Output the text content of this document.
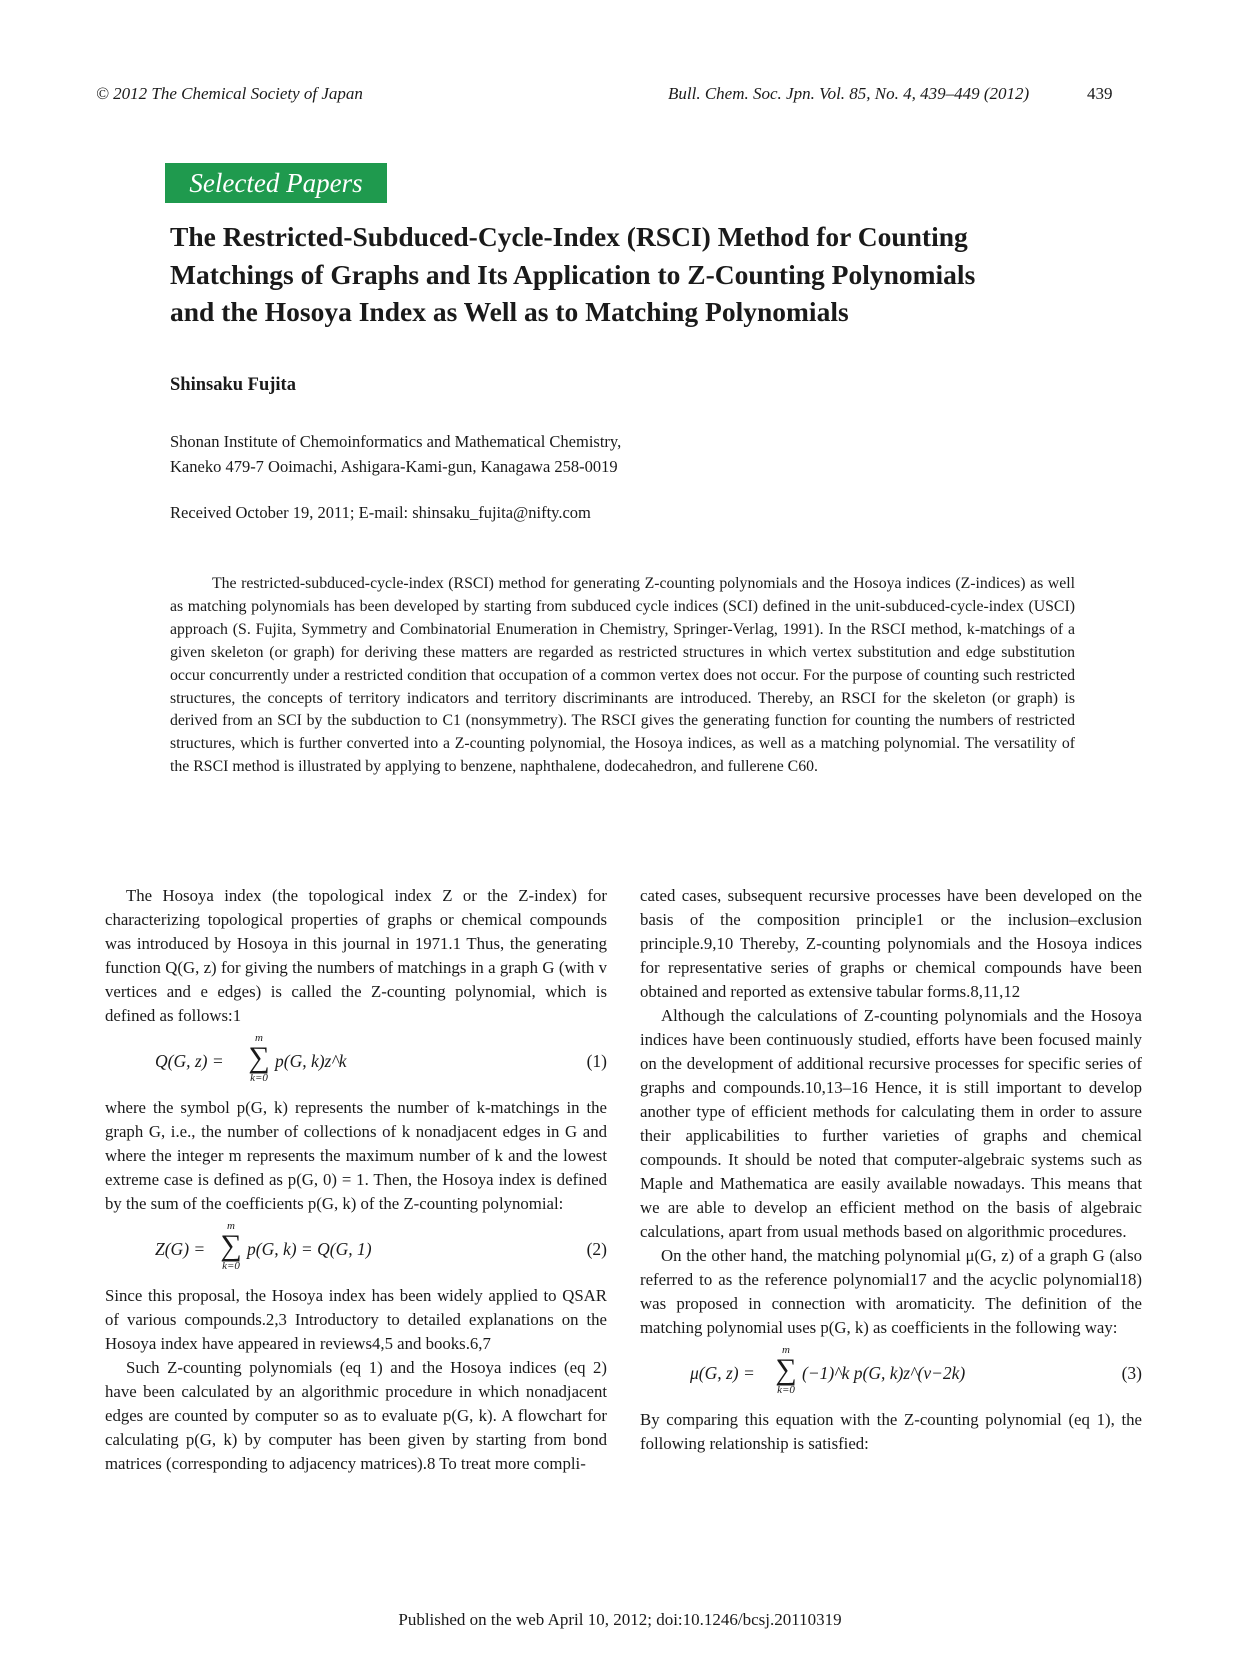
© 2012 The Chemical Society of Japan	Bull. Chem. Soc. Jpn. Vol. 85, No. 4, 439–449 (2012)	439
Selected Papers
The Restricted-Subduced-Cycle-Index (RSCI) Method for Counting
Matchings of Graphs and Its Application to Z-Counting Polynomials
and the Hosoya Index as Well as to Matching Polynomials
Shinsaku Fujita
Shonan Institute of Chemoinformatics and Mathematical Chemistry,
Kaneko 479-7 Ooimachi, Ashigara-Kami-gun, Kanagawa 258-0019
Received October 19, 2011; E-mail: shinsaku_fujita@nifty.com

The restricted-subduced-cycle-index (RSCI) method for generating Z-counting polynomials and the Hosoya indices (Z-indices) as well as matching polynomials has been developed by starting from subduced cycle indices (SCI) defined in the unit-subduced-cycle-index (USCI) approach (S. Fujita, Symmetry and Combinatorial Enumeration in Chemistry, Springer-Verlag, 1991). In the RSCI method, k-matchings of a given skeleton (or graph) for deriving these matters are regarded as restricted structures in which vertex substitution and edge substitution occur concurrently under a restricted condition that occupation of a common vertex does not occur. For the purpose of counting such restricted structures, the concepts of territory indicators and territory discriminants are introduced. Thereby, an RSCI for the skeleton (or graph) is derived from an SCI by the subduction to C1 (nonsymmetry). The RSCI gives the generating function for counting the numbers of restricted structures, which is further converted into a Z-counting polynomial, the Hosoya indices, as well as a matching polynomial. The versatility of the RSCI method is illustrated by applying to benzene, naphthalene, dodecahedron, and fullerene C60.

The Hosoya index (the topological index Z or the Z-index) for characterizing topological properties of graphs or chemical compounds was introduced by Hosoya in this journal in 1971.1 Thus, the generating function Q(G, z) for giving the numbers of matchings in a graph G (with v vertices and e edges) is called the Z-counting polynomial, which is defined as follows:1

Q(G, z) =
m
∑
k=0
p(G, k)z^k	(1)

where the symbol p(G, k) represents the number of k-matchings in the graph G, i.e., the number of collections of k nonadjacent edges in G and where the integer m represents the maximum number of k and the lowest extreme case is defined as p(G, 0) = 1. Then, the Hosoya index is defined by the sum of the coefficients p(G, k) of the Z-counting polynomial:

Z(G) =
m
∑
k=0
p(G, k) = Q(G, 1)	(2)

Since this proposal, the Hosoya index has been widely applied to QSAR of various compounds.2,3 Introductory to detailed explanations on the Hosoya index have appeared in reviews4,5 and books.6,7

Such Z-counting polynomials (eq 1) and the Hosoya indices (eq 2) have been calculated by an algorithmic procedure in which nonadjacent edges are counted by computer so as to evaluate p(G, k). A flowchart for calculating p(G, k) by computer has been given by starting from bond matrices (corresponding to adjacency matrices).8 To treat more compli-

cated cases, subsequent recursive processes have been developed on the basis of the composition principle1 or the inclusion–exclusion principle.9,10 Thereby, Z-counting polynomials and the Hosoya indices for representative series of graphs or chemical compounds have been obtained and reported as extensive tabular forms.8,11,12

Although the calculations of Z-counting polynomials and the Hosoya indices have been continuously studied, efforts have been focused mainly on the development of additional recursive processes for specific series of graphs and compounds.10,13–16 Hence, it is still important to develop another type of efficient methods for calculating them in order to assure their applicabilities to further varieties of graphs and chemical compounds. It should be noted that computer-algebraic systems such as Maple and Mathematica are easily available nowadays. This means that we are able to develop an efficient method on the basis of algebraic calculations, apart from usual methods based on algorithmic procedures.

On the other hand, the matching polynomial μ(G, z) of a graph G (also referred to as the reference polynomial17 and the acyclic polynomial18) was proposed in connection with aromaticity. The definition of the matching polynomial uses p(G, k) as coefficients in the following way:

μ(G, z) =
m
∑
k=0
(−1)^k p(G, k)z^(v−2k)	(3)

By comparing this equation with the Z-counting polynomial (eq 1), the following relationship is satisfied:

Published on the web April 10, 2012; doi:10.1246/bcsj.20110319
